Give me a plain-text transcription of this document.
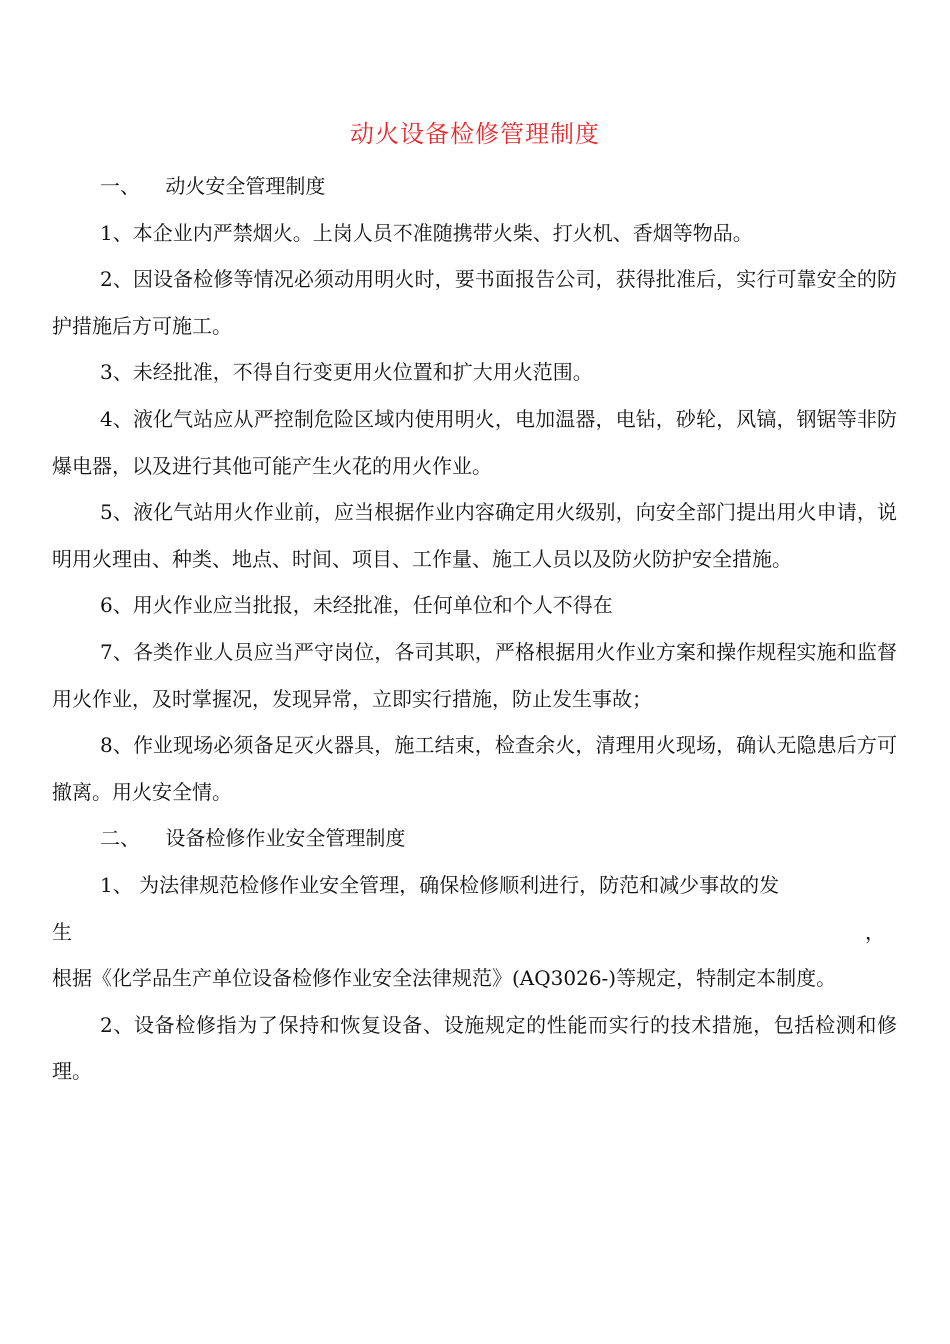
动火设备检修管理制度
一、    动火安全管理制度

1、本企业内严禁烟火。上岗人员不准随携带火柴、打火机、香烟等物品。

2、因设备检修等情况必须动用明火时，要书面报告公司，获得批准后，实行可靠安全的防护措施后方可施工。

3、未经批准，不得自行变更用火位置和扩大用火范围。

4、液化气站应从严控制危险区域内使用明火，电加温器，电钻，砂轮，风镐，钢锯等非防爆电器，以及进行其他可能产生火花的用火作业。

5、液化气站用火作业前，应当根据作业内容确定用火级别，向安全部门提出用火申请，说明用火理由、种类、地点、时间、项目、工作量、施工人员以及防火防护安全措施。

6、用火作业应当批报，未经批准，任何单位和个人不得在

7、各类作业人员应当严守岗位，各司其职，严格根据用火作业方案和操作规程实施和监督用火作业，及时掌握况，发现异常，立即实行措施，防止发生事故；

8、作业现场必须备足灭火器具，施工结束，检查余火，清理用火现场，确认无隐患后方可撤离。用火安全情。

二、    设备检修作业安全管理制度

1、 为法律规范检修作业安全管理，确保检修顺利进行，防范和减少事故的发

生	，

根据《化学品生产单位设备检修作业安全法律规范》(AQ3026-)等规定，特制定本制度。

2、设备检修指为了保持和恢复设备、设施规定的性能而实行的技术措施，包括检测和修理。
